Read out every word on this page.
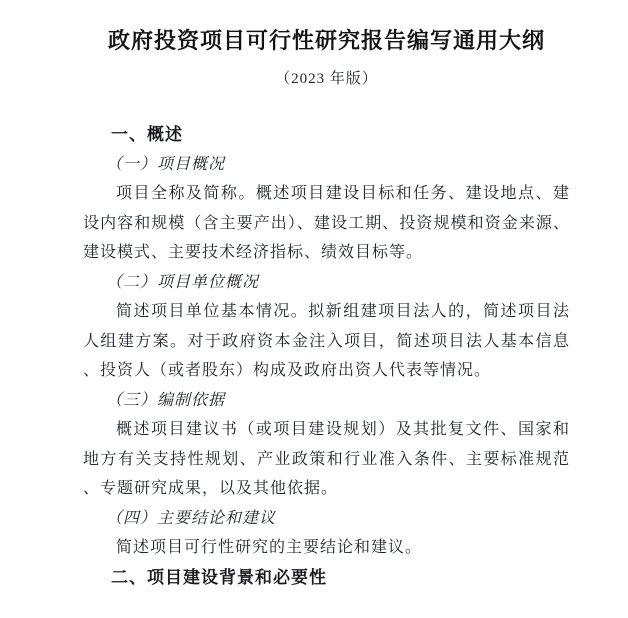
政府投资项目可行性研究报告编写通用大纲
（2023 年版）
一、概述
（一）项目概况

项目全称及简称。概述项目建设目标和任务、建设地点、建设内容和规模（含主要产出）、建设工期、投资规模和资金来源、建设模式、主要技术经济指标、绩效目标等。

（二）项目单位概况

简述项目单位基本情况。拟新组建项目法人的，简述项目法人组建方案。对于政府资本金注入项目，简述项目法人基本信息、投资人（或者股东）构成及政府出资人代表等情况。

（三）编制依据

概述项目建议书（或项目建设规划）及其批复文件、国家和地方有关支持性规划、产业政策和行业准入条件、主要标准规范、专题研究成果，以及其他依据。

（四）主要结论和建议

简述项目可行性研究的主要结论和建议。

二、项目建设背景和必要性
